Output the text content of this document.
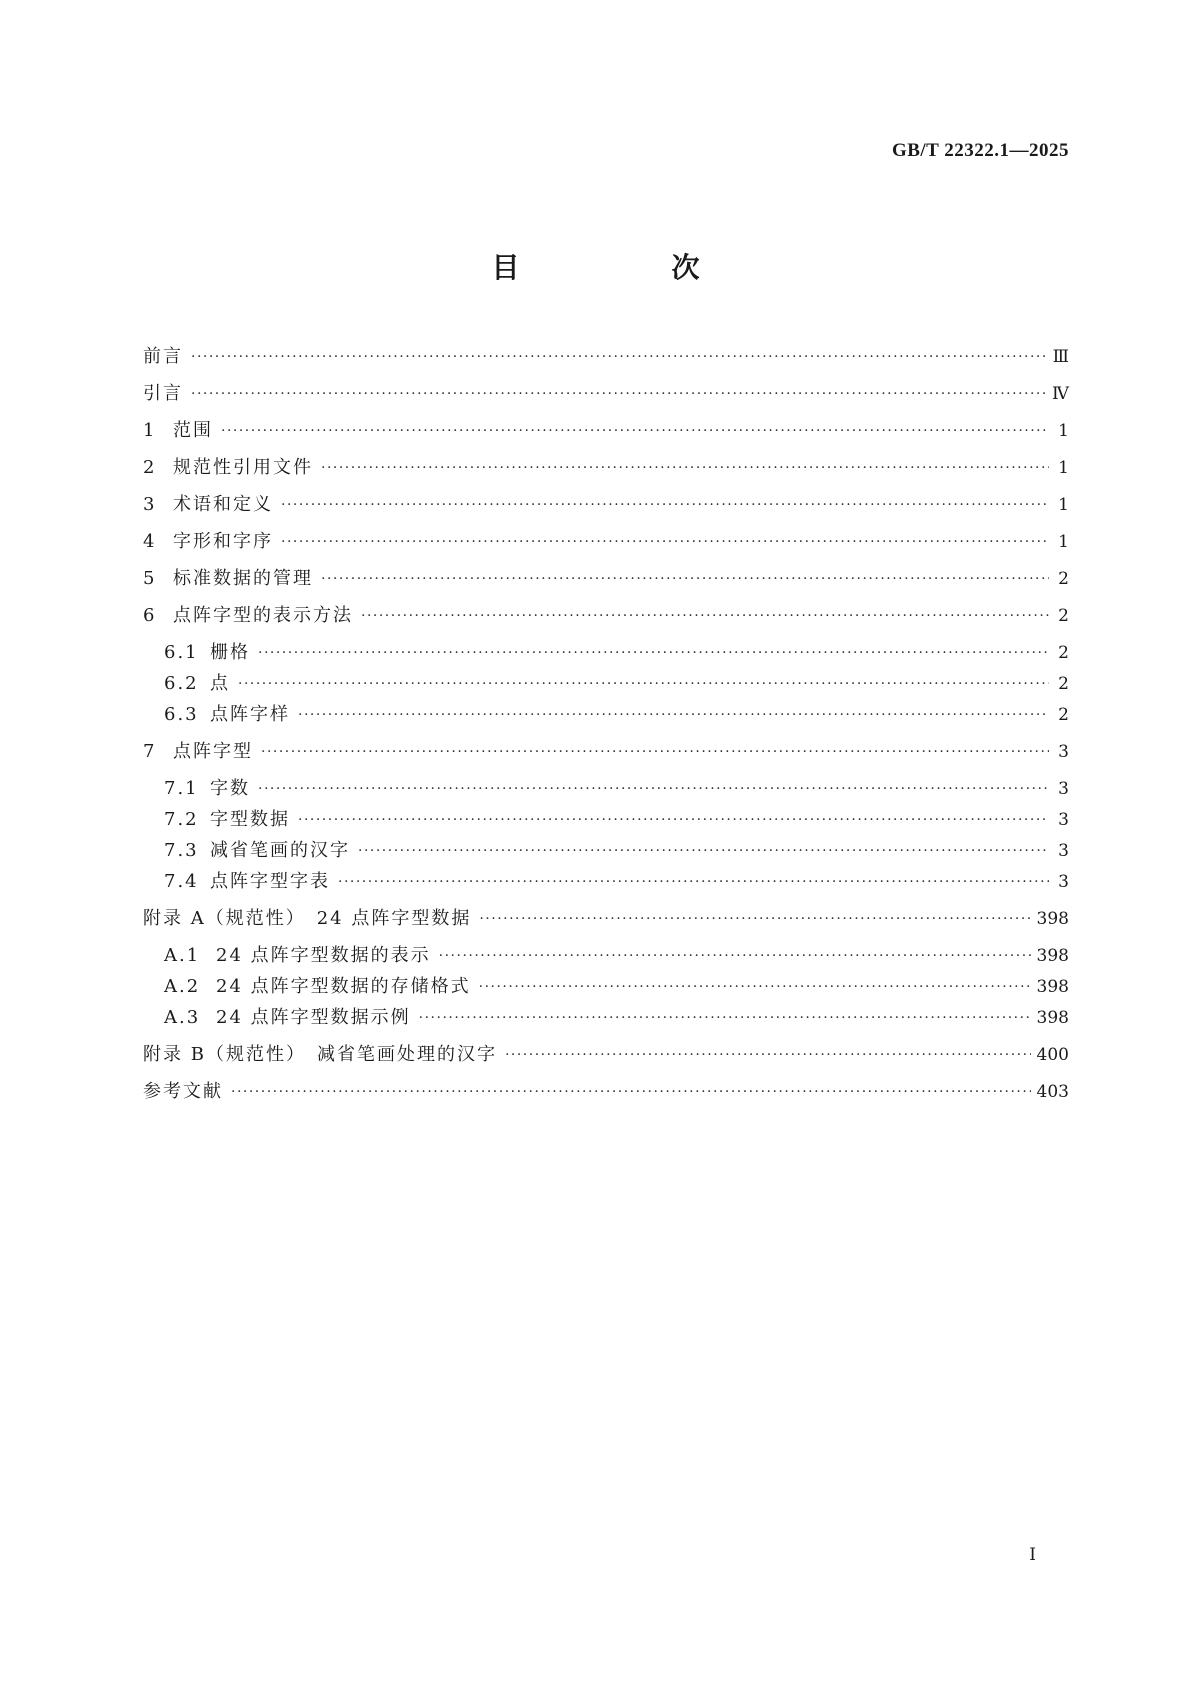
GB/T 22322.1—2025
目　次
前言 ·····	Ⅲ
引言 ·····	Ⅳ
1 范围 ·····	1
2 规范性引用文件 ·····	1
3 术语和定义 ·····	1
4 字形和字序 ·····	1
5 标准数据的管理 ·····	2
6 点阵字型的表示方法 ·····	2
6.1 栅格 ·····	2
6.2 点 ·····	2
6.3 点阵字样 ·····	2
7 点阵字型 ·····	3
7.1 字数 ·····	3
7.2 字型数据 ·····	3
7.3 减省笔画的汉字 ·····	3
7.4 点阵字型字表 ·····	3
附录 A（规范性）　24 点阵字型数据 ·····	398
A.1 24 点阵字型数据的表示 ·····	398
A.2 24 点阵字型数据的存储格式 ·····	398
A.3 24 点阵字型数据示例 ·····	398
附录 B（规范性）　减省笔画处理的汉字 ·····	400
参考文献 ·····	403
Ⅰ
